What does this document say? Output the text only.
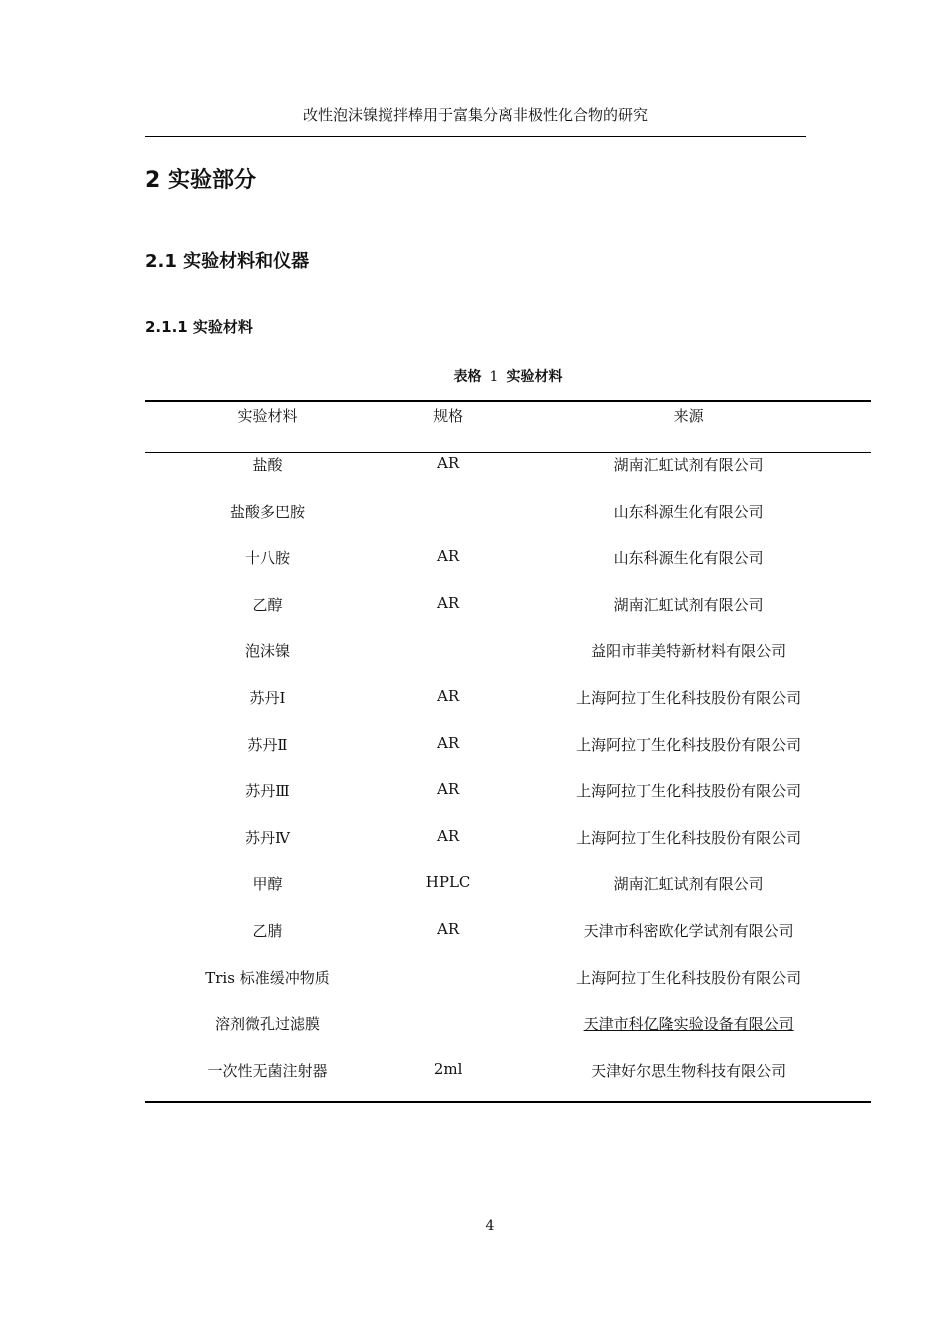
改性泡沫镍搅拌棒用于富集分离非极性化合物的研究
2 实验部分
2.1 实验材料和仪器
2.1.1 实验材料
表格 1 实验材料
实验材料	规格	来源
盐酸	AR	湖南汇虹试剂有限公司
盐酸多巴胺		山东科源生化有限公司
十八胺	AR	山东科源生化有限公司
乙醇	AR	湖南汇虹试剂有限公司
泡沫镍		益阳市菲美特新材料有限公司
苏丹Ⅰ	AR	上海阿拉丁生化科技股份有限公司
苏丹Ⅱ	AR	上海阿拉丁生化科技股份有限公司
苏丹Ⅲ	AR	上海阿拉丁生化科技股份有限公司
苏丹Ⅳ	AR	上海阿拉丁生化科技股份有限公司
甲醇	HPLC	湖南汇虹试剂有限公司
乙腈	AR	天津市科密欧化学试剂有限公司
Tris 标准缓冲物质		上海阿拉丁生化科技股份有限公司
溶剂微孔过滤膜		天津市科亿隆实验设备有限公司
一次性无菌注射器	2ml	天津好尔思生物科技有限公司
4
